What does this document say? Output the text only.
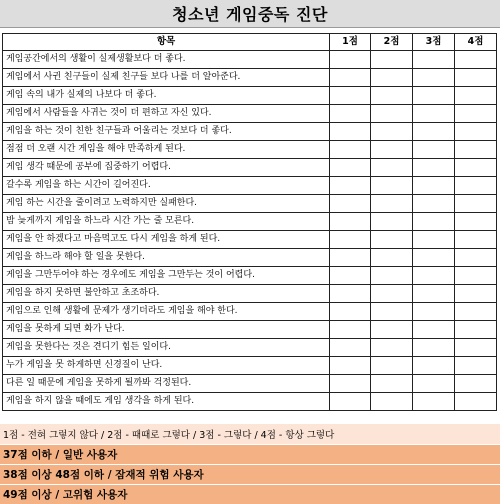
청소년 게임중독 진단
항목	1점	2점	3점	4점
게임공간에서의 생활이 실제생활보다 더 좋다.				
게임에서 사귄 친구들이 실제 친구들 보다 나를 더 알아준다.				
게임 속의 내가 실제의 나보다 더 좋다.				
게임에서 사람들을 사귀는 것이 더 편하고 자신 있다.				
게임을 하는 것이 친한 친구들과 어울리는 것보다 더 좋다.				
점점 더 오랜 시간 게임을 해야 만족하게 된다.				
게임 생각 때문에 공부에 집중하기 어렵다.				
갈수록 게임을 하는 시간이 길어진다.				
게임 하는 시간을 줄이려고 노력하지만 실패한다.				
밤 늦게까지 게임을 하느라 시간 가는 줄 모른다.				
게임을 안 하겠다고 마음먹고도 다시 게임을 하게 된다.				
게임을 하느라 해야 할 일을 못한다.				
게임을 그만두어야 하는 경우에도 게임을 그만두는 것이 어렵다.				
게임을 하지 못하면 불안하고 초조하다.				
게임으로 인해 생활에 문제가 생기더라도 게임을 해야 한다.				
게임을 못하게 되면 화가 난다.				
게임을 못한다는 것은 견디기 힘든 일이다.				
누가 게임을 못 하게하면 신경질이 난다.				
다른 일 때문에 게임을 못하게 될까봐 걱정된다.				
게임을 하지 않을 때에도 게임 생각을 하게 된다.				
1점 - 전혀 그렇지 않다 / 2점 - 때때로 그렇다 / 3점 - 그렇다 / 4점 - 항상 그렇다
37점 이하 / 일반 사용자
38점 이상 48점 이하 / 잠재적 위험 사용자
49점 이상 / 고위험 사용자
